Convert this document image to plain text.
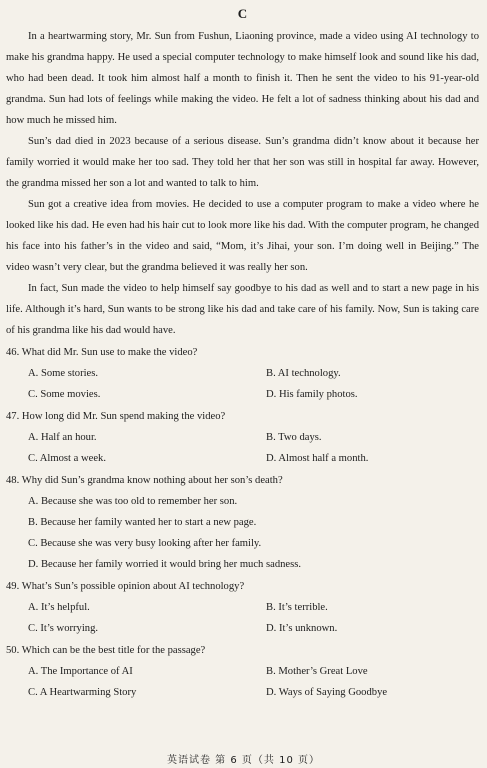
C

In a heartwarming story, Mr. Sun from Fushun, Liaoning province, made a video using AI technology to make his grandma happy. He used a special computer technology to make himself look and sound like his dad, who had been dead. It took him almost half a month to finish it. Then he sent the video to his 91-year-old grandma. Sun had lots of feelings while making the video. He felt a lot of sadness thinking about his dad and how much he missed him.

Sun’s dad died in 2023 because of a serious disease. Sun’s grandma didn’t know about it because her family worried it would make her too sad. They told her that her son was still in hospital far away. However, the grandma missed her son a lot and wanted to talk to him.

Sun got a creative idea from movies. He decided to use a computer program to make a video where he looked like his dad. He even had his hair cut to look more like his dad. With the computer program, he changed his face into his father’s in the video and said, “Mom, it’s Jihai, your son. I’m doing well in Beijing.” The video wasn’t very clear, but the grandma believed it was really her son.

In fact, Sun made the video to help himself say goodbye to his dad as well and to start a new page in his life. Although it’s hard, Sun wants to be strong like his dad and take care of his family. Now, Sun is taking care of his grandma like his dad would have.

46. What did Mr. Sun use to make the video?

A. Some stories.	B. AI technology.
C. Some movies.	D. His family photos.

47. How long did Mr. Sun spend making the video?

A. Half an hour.	B. Two days.
C. Almost a week.	D. Almost half a month.

48. Why did Sun’s grandma know nothing about her son’s death?

A. Because she was too old to remember her son.
B. Because her family wanted her to start a new page.
C. Because she was very busy looking after her family.
D. Because her family worried it would bring her much sadness.

49. What’s Sun’s possible opinion about AI technology?

A. It’s helpful.	B. It’s terrible.
C. It’s worrying.	D. It’s unknown.

50. Which can be the best title for the passage?

A. The Importance of AI	B. Mother’s Great Love
C. A Heartwarming Story	D. Ways of Saying Goodbye
英语试卷 第 6 页（共 10 页）
